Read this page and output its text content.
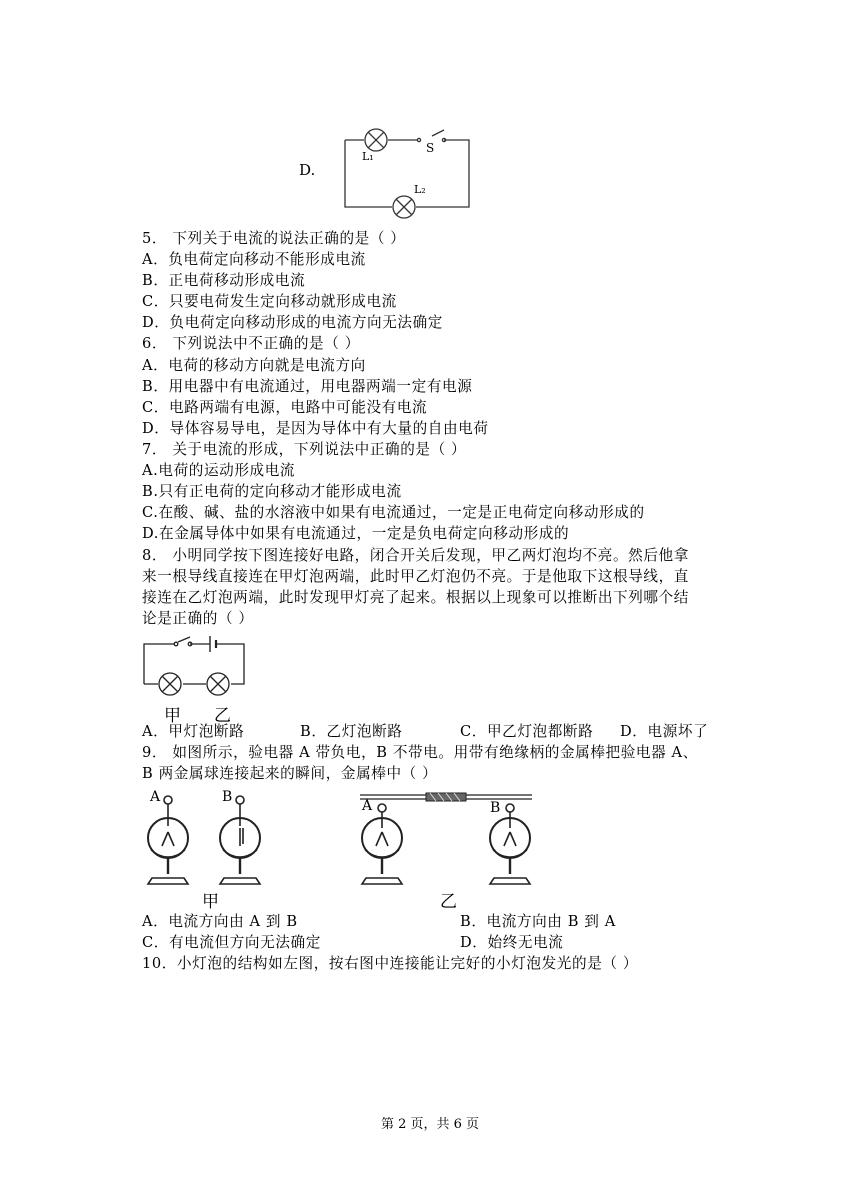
D.
L₁
S
L₂
5． 下列关于电流的说法正确的是（ ）
A．负电荷定向移动不能形成电流
B．正电荷移动形成电流
C．只要电荷发生定向移动就形成电流
D．负电荷定向移动形成的电流方向无法确定
6． 下列说法中不正确的是（ ）
A．电荷的移动方向就是电流方向
B．用电器中有电流通过，用电器两端一定有电源
C．电路两端有电源，电路中可能没有电流
D．导体容易导电，是因为导体中有大量的自由电荷
7． 关于电流的形成，下列说法中正确的是（ ）
A.电荷的运动形成电流
B.只有正电荷的定向移动才能形成电流
C.在酸、碱、盐的水溶液中如果有电流通过，一定是正电荷定向移动形成的
D.在金属导体中如果有电流通过，一定是负电荷定向移动形成的
8． 小明同学按下图连接好电路，闭合开关后发现，甲乙两灯泡均不亮。然后他拿
来一根导线直接连在甲灯泡两端，此时甲乙灯泡仍不亮。于是他取下这根导线，直
接连在乙灯泡两端，此时发现甲灯亮了起来。根据以上现象可以推断出下列哪个结
论是正确的（ ）
甲 乙
A．甲灯泡断路	B．乙灯泡断路	C．甲乙灯泡都断路 D．电源坏了
9． 如图所示，验电器 A 带负电，B 不带电。用带有绝缘柄的金属棒把验电器 A、
B 两金属球连接起来的瞬间，金属棒中（ ）
A	B
甲
A	B
乙
A．电流方向由 A 到 B	B．电流方向由 B 到 A
C．有电流但方向无法确定	D．始终无电流
10．小灯泡的结构如左图，按右图中连接能让完好的小灯泡发光的是（ ）
第 2 页，共 6 页
